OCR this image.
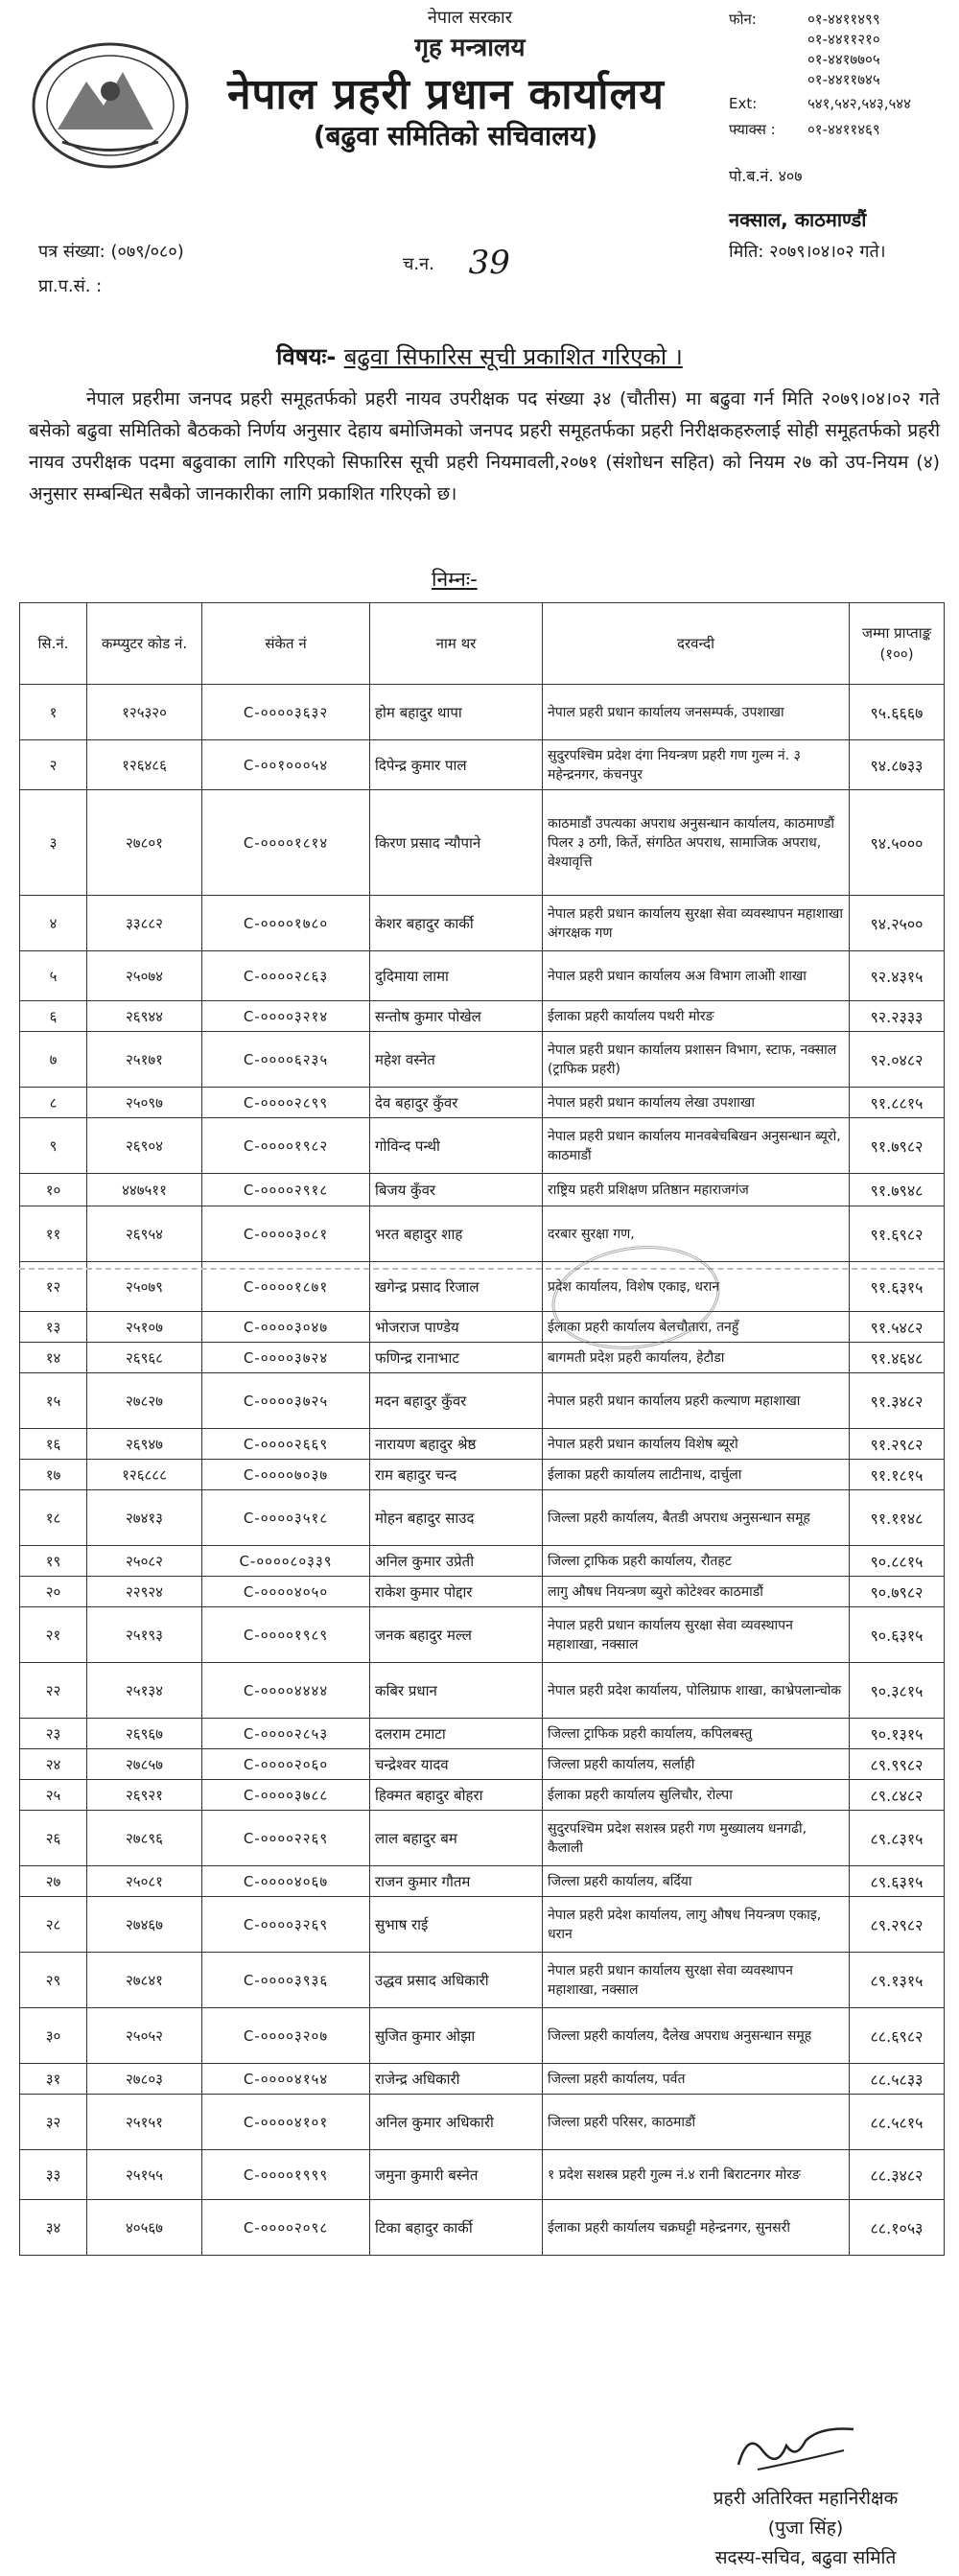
नेपाल सरकार
गृह मन्त्रालय
नेपाल प्रहरी प्रधान कार्यालय
(बढुवा समितिको सचिवालय)
फोन:	०१-४४११४९९
०१-४४११२१०
०१-४४१७७०५
०१-४४११७४५
Ext:	५४१,५४२,५४३,५४४
फ्याक्स :	०१-४४११४६९
पो.ब.नं. ४०७
नक्साल, काठमाण्डौं
मिति: २०७९।०४।०२ गते।
पत्र संख्या: (०७९/०८०)
च.न. 39
प्रा.प.सं. :
विषयः- बढुवा सिफारिस सूची प्रकाशित गरिएको ।
नेपाल प्रहरीमा जनपद प्रहरी समूहतर्फको प्रहरी नायव उपरीक्षक पद संख्या ३४ (चौतीस) मा बढुवा गर्न मिति २०७९।०४।०२ गते बसेको बढुवा समितिको बैठकको निर्णय अनुसार देहाय बमोजिमको जनपद प्रहरी समूहतर्फका प्रहरी निरीक्षकहरुलाई सोही समूहतर्फको प्रहरी नायव उपरीक्षक पदमा बढुवाका लागि गरिएको सिफारिस सूची प्रहरी नियमावली,२०७१ (संशोधन सहित) को नियम २७ को उप-नियम (४) अनुसार सम्बन्धित सबैको जानकारीका लागि प्रकाशित गरिएको छ।
निम्नः-
सि.नं.	कम्प्युटर कोड नं.	संकेत नं	नाम थर	दरवन्दी	जम्मा प्राप्ताङ्क (१००)
१	१२५३२०	C-००००३६३२	होम बहादुर थापा	नेपाल प्रहरी प्रधान कार्यालय जनसम्पर्क, उपशाखा	९५.६६६७
२	१२६४८६	C-००१०००५४	दिपेन्द्र कुमार पाल	सुदुरपश्चिम प्रदेश दंगा नियन्त्रण प्रहरी गण गुल्म नं. ३ महेन्द्रनगर, कंचनपुर	९४.८७३३
३	२७८०१	C-००००१८१४	किरण प्रसाद न्यौपाने	काठमाडौं उपत्यका अपराध अनुसन्धान कार्यालय, काठमाण्डौं पिलर ३ ठगी, किर्ते, संगठित अपराध, सामाजिक अपराध, वेश्यावृत्ति	९४.५०००
४	३३८८२	C-००००१७८०	केशर बहादुर कार्की	नेपाल प्रहरी प्रधान कार्यालय सुरक्षा सेवा व्यवस्थापन महाशाखा अंगरक्षक गण	९४.२५००
५	२५०७४	C-००००२८६३	दुदिमाया लामा	नेपाल प्रहरी प्रधान कार्यालय अअ विभाग लाओी शाखा	९२.४३१५
६	२६९४४	C-००००३२१४	सन्तोष कुमार पोखेल	ईलाका प्रहरी कार्यालय पथरी मोरङ	९२.२३३३
७	२५१७१	C-००००६२३५	महेश वस्नेत	नेपाल प्रहरी प्रधान कार्यालय प्रशासन विभाग, स्टाफ, नक्साल (ट्राफिक प्रहरी)	९२.०४८२
८	२५०९७	C-००००२८९९	देव बहादुर कुँवर	नेपाल प्रहरी प्रधान कार्यालय लेखा उपशाखा	९१.८८१५
९	२६९०४	C-००००१९८२	गोविन्द पन्थी	नेपाल प्रहरी प्रधान कार्यालय मानवबेचबिखन अनुसन्धान ब्यूरो, काठमाडौं	९१.७९८२
१०	४४७५११	C-००००२९१८	बिजय कुँवर	राष्ट्रिय प्रहरी प्रशिक्षण प्रतिष्ठान महाराजगंज	९१.७९४८
११	२६९५४	C-००००३०८१	भरत बहादुर शाह	दरबार सुरक्षा गण,	९१.६९८२
१२	२५०७९	C-००००१८७१	खगेन्द्र प्रसाद रिजाल	प्रदेश कार्यालय, विशेष एकाइ, धरान	९१.६३१५
१३	२५१०७	C-००००३०४७	भोजराज पाण्डेय	ईलाका प्रहरी कार्यालय बेलचौतारा, तनहुँ	९१.५४८२
१४	२६९६८	C-००००३७२४	फणिन्द्र रानाभाट	बागमती प्रदेश प्रहरी कार्यालय, हेटौडा	९१.४६४८
१५	२७८२७	C-००००३७२५	मदन बहादुर कुँवर	नेपाल प्रहरी प्रधान कार्यालय प्रहरी कल्याण महाशाखा	९१.३४८२
१६	२६९४७	C-००००२६६९	नारायण बहादुर श्रेष्ठ	नेपाल प्रहरी प्रधान कार्यालय विशेष ब्यूरो	९१.२९८२
१७	१२६८८८	C-००००७०३७	राम बहादुर चन्द	ईलाका प्रहरी कार्यालय लाटीनाथ, दार्चुला	९१.१८१५
१८	२७४१३	C-००००३५१८	मोहन बहादुर साउद	जिल्ला प्रहरी कार्यालय, बैतडी अपराध अनुसन्धान समूह	९१.११४८
१९	२५०८२	C-००००८०३३९	अनिल कुमार उप्रेती	जिल्ला ट्राफिक प्रहरी कार्यालय, रौतहट	९०.८८१५
२०	२२९२४	C-००००४०५०	राकेश कुमार पोद्दार	लागु औषध नियन्त्रण ब्युरो कोटेश्वर काठमाडौं	९०.७९८२
२१	२५१९३	C-००००१९८९	जनक बहादुर मल्ल	नेपाल प्रहरी प्रधान कार्यालय सुरक्षा सेवा व्यवस्थापन महाशाखा, नक्साल	९०.६३१५
२२	२५१३४	C-००००४४४४	कबिर प्रधान	नेपाल प्रहरी प्रदेश कार्यालय, पोलिग्राफ शाखा, काभ्रेपलान्चोक	९०.३८१५
२३	२६९६७	C-००००२८५३	दलराम टमाटा	जिल्ला ट्राफिक प्रहरी कार्यालय, कपिलबस्तु	९०.१३१५
२४	२७८५७	C-००००२०६०	चन्द्रेश्वर यादव	जिल्ला प्रहरी कार्यालय, सर्लाही	८९.९९८२
२५	२६९२१	C-००००३७८८	हिक्मत बहादुर बोहरा	ईलाका प्रहरी कार्यालय सुलिचौर, रोल्पा	८९.८४८२
२६	२७८९६	C-००००२२६९	लाल बहादुर बम	सुदुरपश्चिम प्रदेश सशस्त्र प्रहरी गण मुख्यालय धनगढी, कैलाली	८९.८३१५
२७	२५०८१	C-००००४०६७	राजन कुमार गौतम	जिल्ला प्रहरी कार्यालय, बर्दिया	८९.६३१५
२८	२७४६७	C-००००३२६९	सुभाष राई	नेपाल प्रहरी प्रदेश कार्यालय, लागु औषध नियन्त्रण एकाइ, धरान	८९.२९८२
२९	२७८४१	C-००००३९३६	उद्धव प्रसाद अधिकारी	नेपाल प्रहरी प्रधान कार्यालय सुरक्षा सेवा व्यवस्थापन महाशाखा, नक्साल	८९.१३१५
३०	२५०५२	C-००००३२०७	सुजित कुमार ओझा	जिल्ला प्रहरी कार्यालय, दैलेख अपराध अनुसन्धान समूह	८८.६९८२
३१	२७८०३	C-००००४१५४	राजेन्द्र अधिकारी	जिल्ला प्रहरी कार्यालय, पर्वत	८८.५८३३
३२	२५१५१	C-००००४१०१	अनिल कुमार अधिकारी	जिल्ला प्रहरी परिसर, काठमाडौं	८८.५८१५
३३	२५१५५	C-००००१९९९	जमुना कुमारी बस्नेत	१ प्रदेश सशस्त्र प्रहरी गुल्म नं.४ रानी बिराटनगर मोरङ	८८.३४८२
३४	४०५६७	C-००००२०९८	टिका बहादुर कार्की	ईलाका प्रहरी कार्यालय चक्रघट्टी महेन्द्रनगर, सुनसरी	८८.१०५३
प्रहरी अतिरिक्त महानिरीक्षक
(पुजा सिंह)
सदस्य-सचिव, बढुवा समिति
